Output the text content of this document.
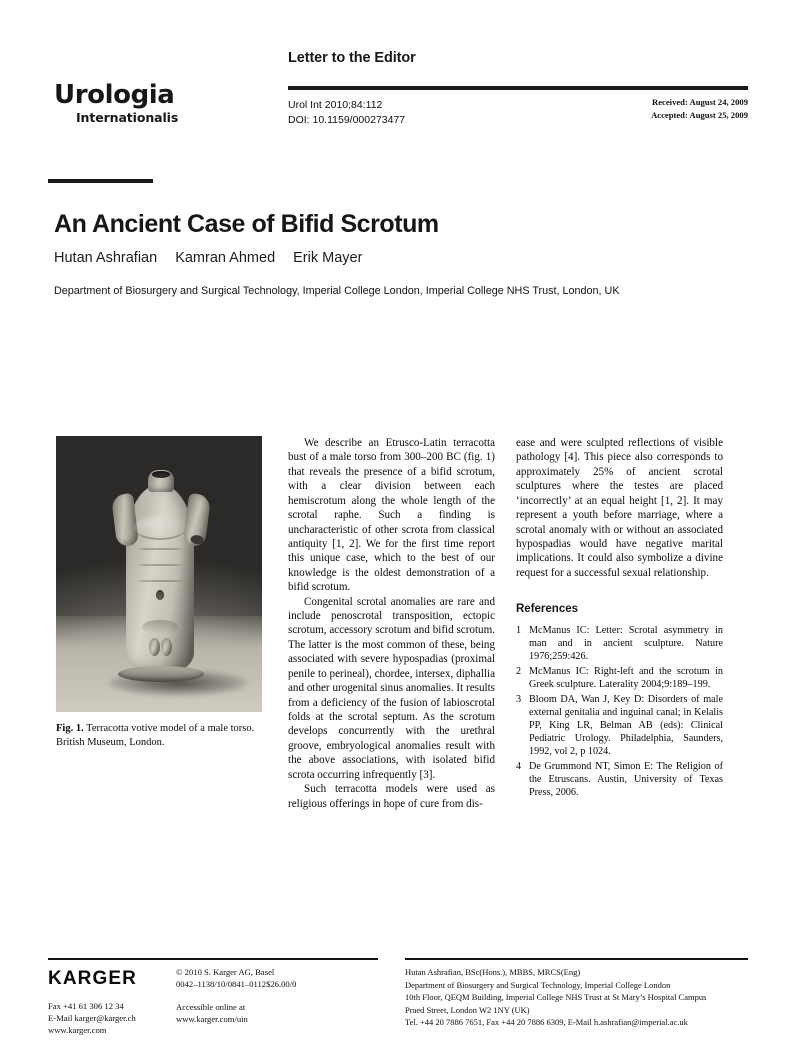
Urologia
Internationalis
Letter to the Editor
Urol Int 2010;84:112
DOI: 10.1159/000273477
Received: August 24, 2009
Accepted: August 25, 2009
An Ancient Case of Bifid Scrotum
Hutan Ashrafian Kamran Ahmed Erik Mayer
Department of Biosurgery and Surgical Technology, Imperial College London, Imperial College NHS Trust, London, UK
Fig. 1. Terracotta votive model of a male torso. British Museum, London.

We describe an Etrusco-Latin terracotta bust of a male torso from 300–200 BC (fig. 1) that reveals the presence of a bifid scrotum, with a clear division between each hemiscrotum along the whole length of the scrotal raphe. Such a finding is uncharacteristic of other scrota from classical antiquity [1, 2]. We for the first time report this unique case, which to the best of our knowledge is the oldest demonstration of a bifid scrotum.

Congenital scrotal anomalies are rare and include penoscrotal transposition, ectopic scrotum, accessory scrotum and bifid scrotum. The latter is the most common of these, being associated with severe hypospadias (proximal penile to perineal), chordee, intersex, diphallia and other urogenital sinus anomalies. It results from a deficiency of the fusion of labioscrotal folds at the scrotal septum. As the scrotum develops concurrently with the urethral groove, embryological anomalies result with the above associations, with isolated bifid scrota occurring infrequently [3].

Such terracotta models were used as religious offerings in hope of cure from dis-

ease and were sculpted reflections of visible pathology [4]. This piece also corresponds to approximately 25% of ancient scrotal sculptures where the testes are placed ‘incorrectly’ at an equal height [1, 2]. It may represent a youth before marriage, where a scrotal anomaly with or without an associated hypospadias would have negative marital implications. It could also symbolize a divine request for a successful sexual relationship.

References
1 McManus IC: Letter: Scrotal asymmetry in man and in ancient sculpture. Nature 1976;259:426.
2 McManus IC: Right-left and the scrotum in Greek sculpture. Laterality 2004;9:189–199.
3 Bloom DA, Wan J, Key D: Disorders of male external genitalia and inguinal canal; in Kelalis PP, King LR, Belman AB (eds): Clinical Pediatric Urology. Philadelphia, Saunders, 1992, vol 2, p 1024.
4 De Grummond NT, Simon E: The Religion of the Etruscans. Austin, University of Texas Press, 2006.
KARGER
Fax +41 61 306 12 34
E-Mail karger@karger.ch
www.karger.com
© 2010 S. Karger AG, Basel
0042–1138/10/0841–0112$26.00/0
Accessible online at
www.karger.com/uin
Hutan Ashrafian, BSc(Hons.), MBBS, MRCS(Eng)
Department of Biosurgery and Surgical Technology, Imperial College London
10th Floor, QEQM Building, Imperial College NHS Trust at St Mary’s Hospital Campus
Praed Street, London W2 1NY (UK)
Tel. +44 20 7886 7651, Fax +44 20 7886 6309, E-Mail h.ashrafian@imperial.ac.uk
